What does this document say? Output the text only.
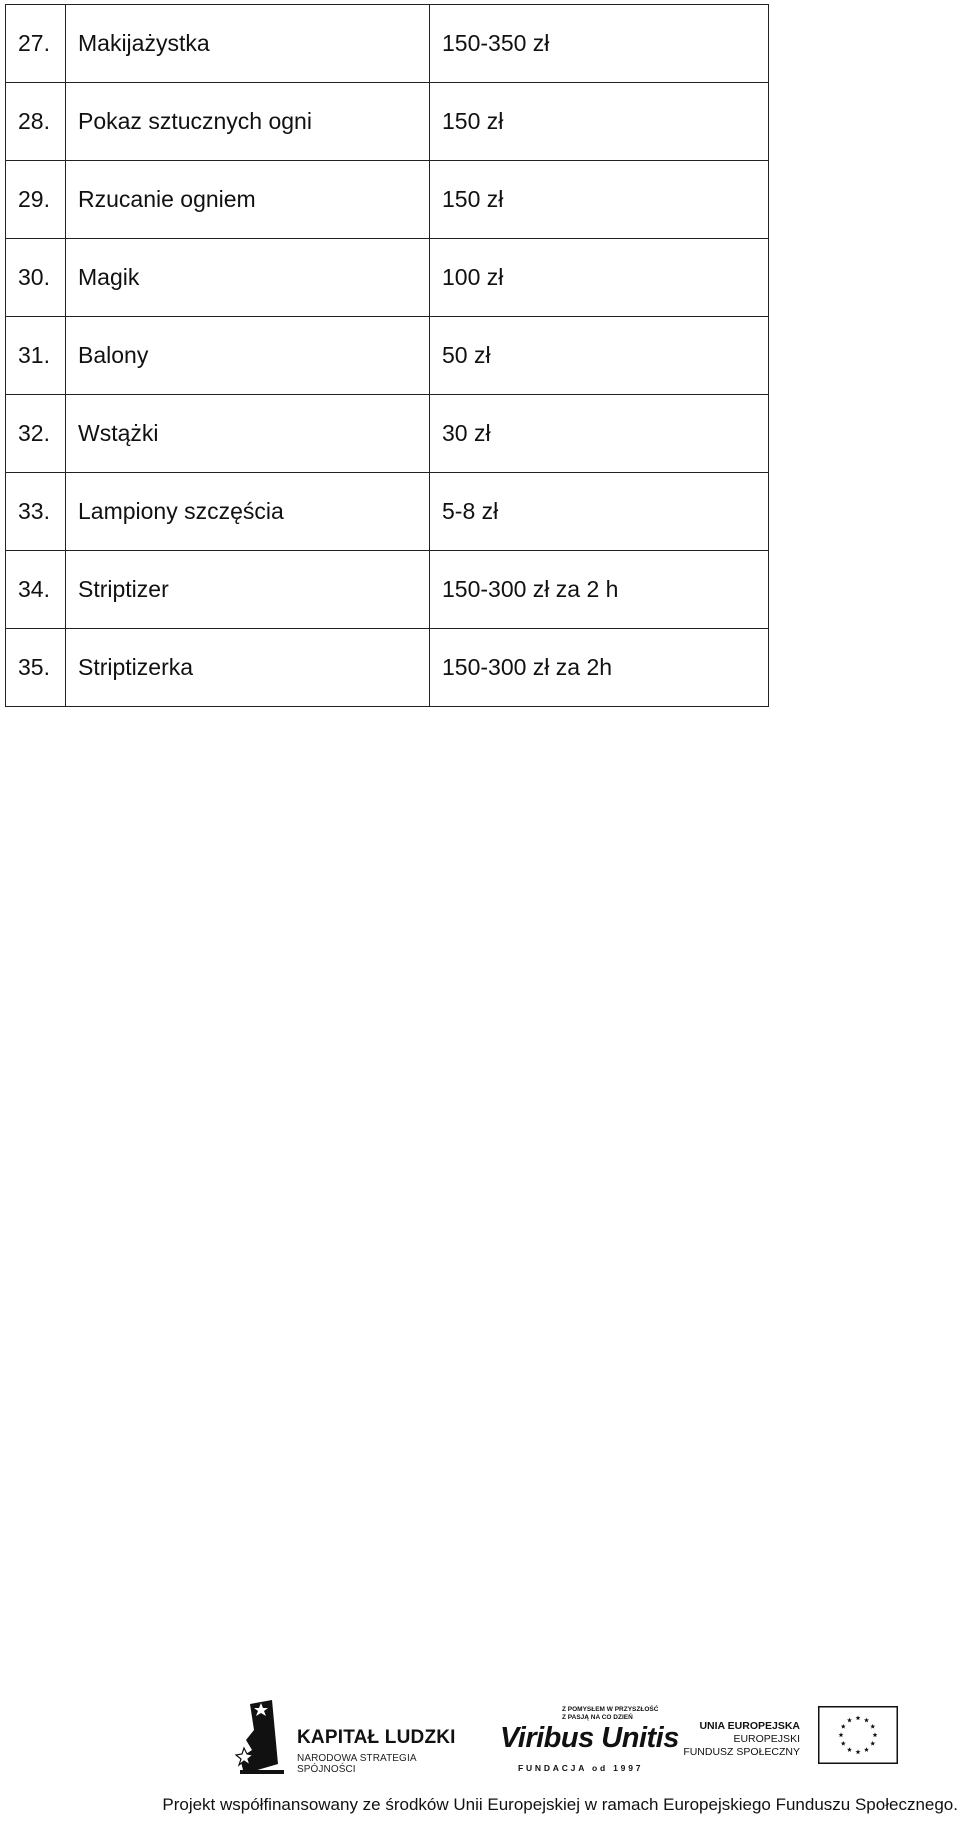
27.	Makijażystka	150-350 zł
28.	Pokaz sztucznych ogni	150 zł
29.	Rzucanie ogniem	150 zł
30.	Magik	100 zł
31.	Balony	50 zł
32.	Wstążki	30 zł
33.	Lampiony szczęścia	5-8 zł
34.	Striptizer	150-300 zł za 2 h
35.	Striptizerka	150-300 zł za 2h
KAPITAŁ LUDZKI
NARODOWA STRATEGIA SPÓJNOŚCI
Z POMYSŁEM W PRZYSZŁOŚĆ
Z PASJĄ NA CO DZIEŃ
Viribus Unitis
FUNDACJA od 1997
UNIA EUROPEJSKA
EUROPEJSKI
FUNDUSZ SPOŁECZNY
Projekt współfinansowany ze środków Unii Europejskiej w ramach Europejskiego Funduszu Społecznego.
